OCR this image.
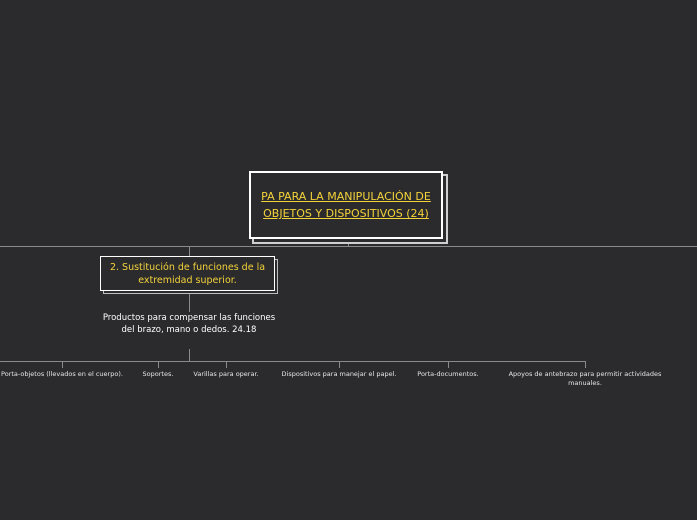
PA PARA LA MANIPULACIÓN DE OBJETOS Y DISPOSITIVOS (24)
2. Sustitución de funciones de la extremidad superior.
Productos para compensar las funciones del brazo, mano o dedos. 24.18
Porta-objetos (llevados en el cuerpo).	Soportes.	Varillas para operar.	Dispositivos para manejar el papel.	Porta-documentos.	Apoyos de antebrazo para permitir actividades manuales.
